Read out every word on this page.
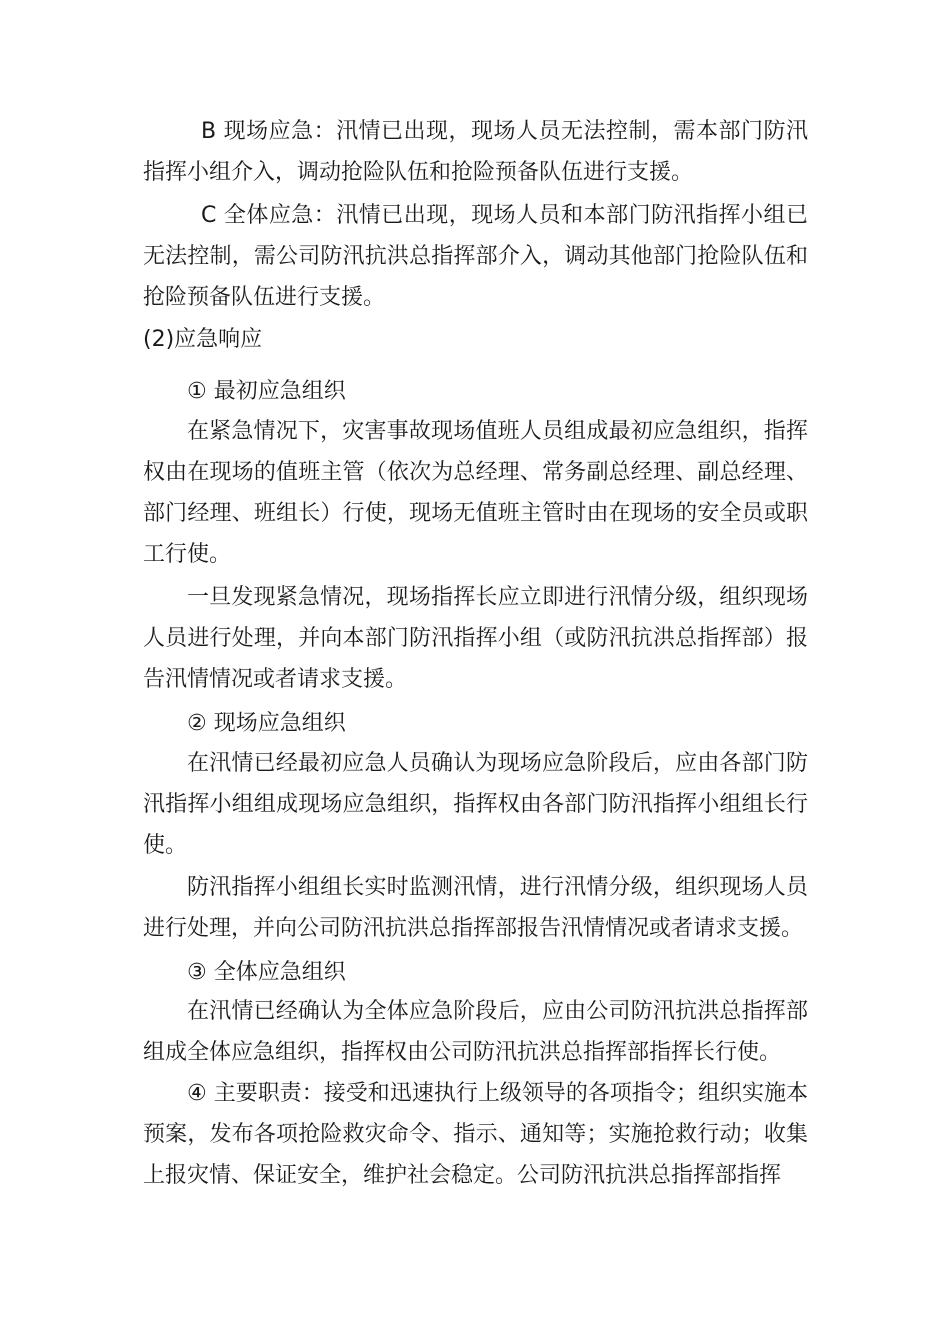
B 现场应急：汛情已出现，现场人员无法控制，需本部门防汛指挥小组介入，调动抢险队伍和抢险预备队伍进行支援。

C 全体应急：汛情已出现，现场人员和本部门防汛指挥小组已无法控制，需公司防汛抗洪总指挥部介入，调动其他部门抢险队伍和抢险预备队伍进行支援。

(2)应急响应

① 最初应急组织

在紧急情况下，灾害事故现场值班人员组成最初应急组织，指挥权由在现场的值班主管（依次为总经理、常务副总经理、副总经理、部门经理、班组长）行使，现场无值班主管时由在现场的安全员或职工行使。

一旦发现紧急情况，现场指挥长应立即进行汛情分级，组织现场人员进行处理，并向本部门防汛指挥小组（或防汛抗洪总指挥部）报告汛情情况或者请求支援。

② 现场应急组织

在汛情已经最初应急人员确认为现场应急阶段后，应由各部门防汛指挥小组组成现场应急组织，指挥权由各部门防汛指挥小组组长行使。

防汛指挥小组组长实时监测汛情，进行汛情分级，组织现场人员进行处理，并向公司防汛抗洪总指挥部报告汛情情况或者请求支援。

③ 全体应急组织

在汛情已经确认为全体应急阶段后，应由公司防汛抗洪总指挥部组成全体应急组织，指挥权由公司防汛抗洪总指挥部指挥长行使。

④ 主要职责：接受和迅速执行上级领导的各项指令；组织实施本预案，发布各项抢险救灾命令、指示、通知等；实施抢救行动；收集上报灾情、保证安全，维护社会稳定。公司防汛抗洪总指挥部指挥
